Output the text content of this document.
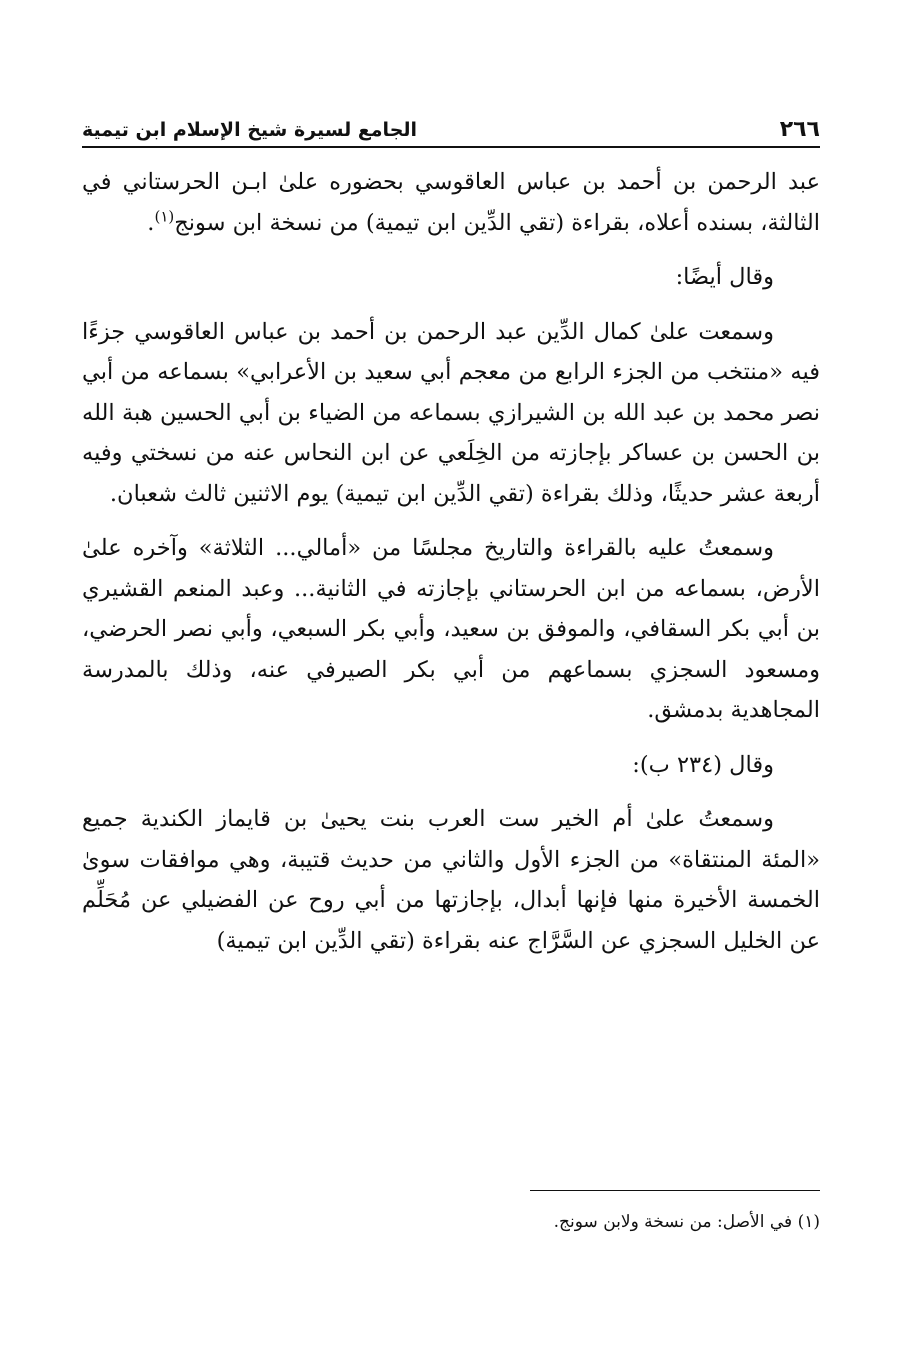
٢٦٦
الجامع لسيرة شيخ الإسلام ابن تيمية

عبد الرحمن بن أحمد بن عباس العاقوسي بحضوره علىٰ ابـن الحرستاني في الثالثة، بسنده أعلاه، بقراءة (تقي الدِّين ابن تيمية) من نسخة ابن سونج$^{(١)}$.

وقال أيضًا:

وسمعت علىٰ كمال الدِّين عبد الرحمن بن أحمد بن عباس العاقوسي جزءًا فيه «منتخب من الجزء الرابع من معجم أبي سعيد بن الأعرابي» بسماعه من أبي نصر محمد بن عبد الله بن الشيرازي بسماعه من الضياء بن أبي الحسين هبة الله بن الحسن بن عساكر بإجازته من الخِلَعي عن ابن النحاس عنه من نسختي وفيه أربعة عشر حديثًا، وذلك بقراءة (تقي الدِّين ابن تيمية) يوم الاثنين ثالث شعبان.

وسمعتُ عليه بالقراءة والتاريخ مجلسًا من «أمالي... الثلاثة» وآخره علىٰ الأرض، بسماعه من ابن الحرستاني بإجازته في الثانية... وعبد المنعم القشيري بن أبي بكر السقافي، والموفق بن سعيد، وأبي بكر السبعي، وأبي نصر الحرضي، ومسعود السجزي بسماعهم من أبي بكر الصيرفي عنه، وذلك بالمدرسة المجاهدية بدمشق.

وقال (٢٣٤ ب):

وسمعتُ علىٰ أم الخير ست العرب بنت يحيىٰ بن قايماز الكندية جميع «المئة المنتقاة» من الجزء الأول والثاني من حديث قتيبة، وهي موافقات سوىٰ الخمسة الأخيرة منها فإنها أبدال، بإجازتها من أبي روح عن الفضيلي عن مُحَلِّم عن الخليل السجزي عن السَّرَّاج عنه بقراءة (تقي الدِّين ابن تيمية)

(١) في الأصل: من نسخة ولابن سونج.
